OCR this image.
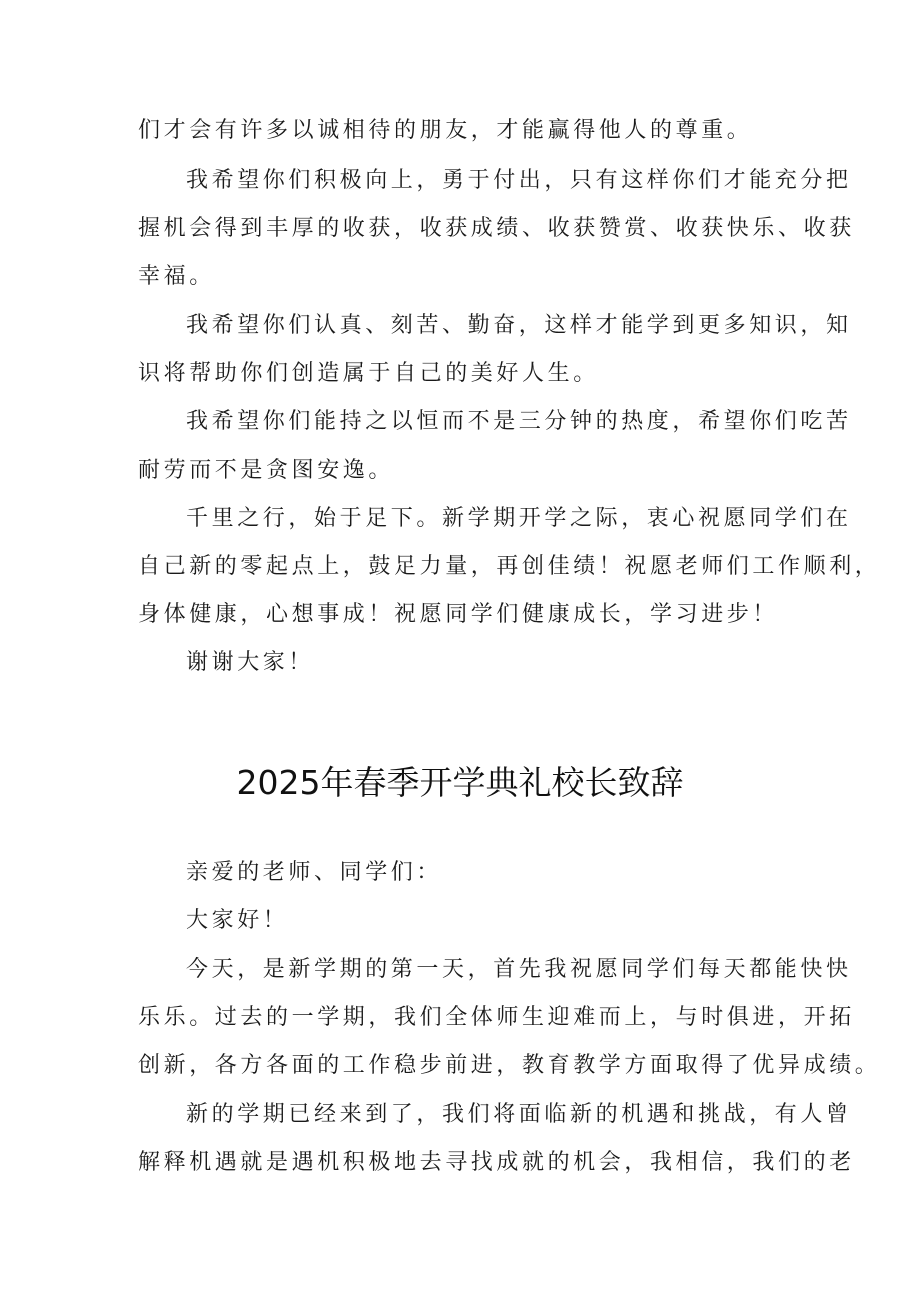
们才会有许多以诚相待的朋友，才能赢得他人的尊重。
我希望你们积极向上，勇于付出，只有这样你们才能充分把
握机会得到丰厚的收获，收获成绩、收获赞赏、收获快乐、收获
幸福。
我希望你们认真、刻苦、勤奋，这样才能学到更多知识，知
识将帮助你们创造属于自己的美好人生。
我希望你们能持之以恒而不是三分钟的热度，希望你们吃苦
耐劳而不是贪图安逸。
千里之行，始于足下。新学期开学之际，衷心祝愿同学们在
自己新的零起点上，鼓足力量，再创佳绩！祝愿老师们工作顺利，
身体健康，心想事成！祝愿同学们健康成长，学习进步！
谢谢大家！
2025年春季开学典礼校长致辞
亲爱的老师、同学们：
大家好！
今天，是新学期的第一天，首先我祝愿同学们每天都能快快
乐乐。过去的一学期，我们全体师生迎难而上，与时俱进，开拓
创新，各方各面的工作稳步前进，教育教学方面取得了优异成绩。
新的学期已经来到了，我们将面临新的机遇和挑战，有人曾
解释机遇就是遇机积极地去寻找成就的机会，我相信，我们的老
